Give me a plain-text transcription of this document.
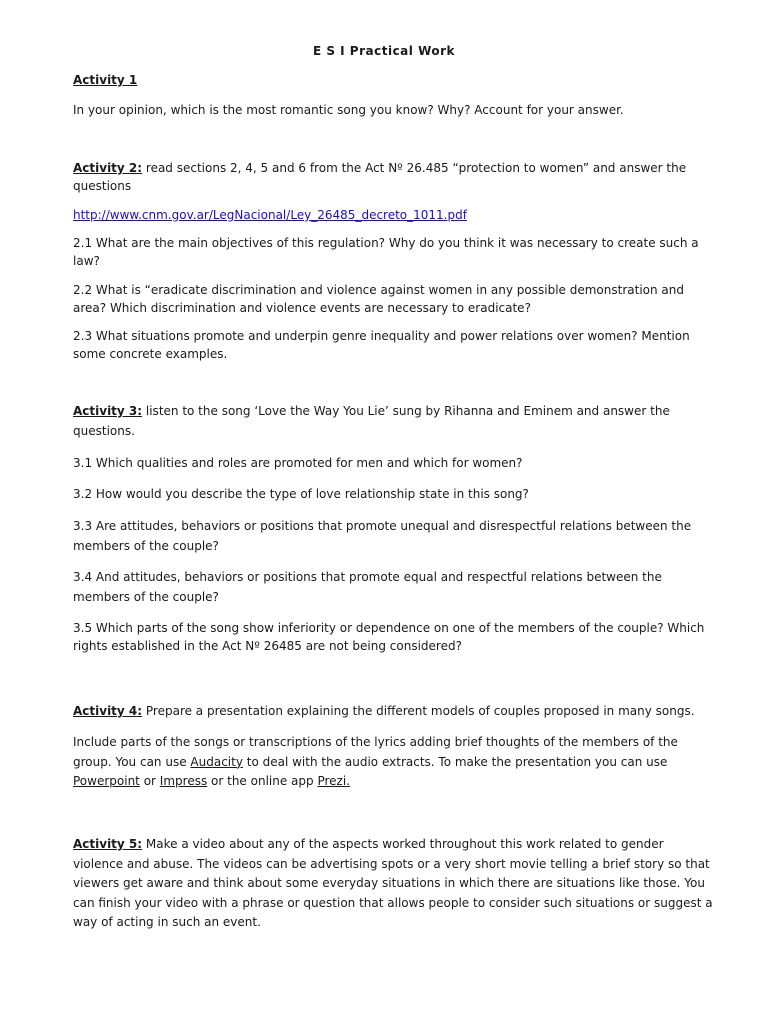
E S I Practical Work

Activity 1

In your opinion, which is the most romantic song you know? Why? Account for your answer.

Activity 2: read sections 2, 4, 5 and 6 from the Act Nº 26.485 “protection to women” and answer the questions

http://www.cnm.gov.ar/LegNacional/Ley_26485_decreto_1011.pdf

2.1 What are the main objectives of this regulation? Why do you think it was necessary to create such a law?

2.2 What is “eradicate discrimination and violence against women in any possible demonstration and area? Which discrimination and violence events are necessary to eradicate?

2.3 What situations promote and underpin genre inequality and power relations over women? Mention some concrete examples.

Activity 3: listen to the song ‘Love the Way You Lie’ sung by Rihanna and Eminem and answer the questions.

3.1 Which qualities and roles are promoted for men and which for women?

3.2 How would you describe the type of love relationship state in this song?

3.3 Are attitudes, behaviors or positions that promote unequal and disrespectful relations between the members of the couple?

3.4 And attitudes, behaviors or positions that promote equal and respectful relations between the members of the couple?

3.5 Which parts of the song show inferiority or dependence on one of the members of the couple? Which rights established in the Act Nº 26485 are not being considered?

Activity 4: Prepare a presentation explaining the different models of couples proposed in many songs.

Include parts of the songs or transcriptions of the lyrics adding brief thoughts of the members of the group. You can use Audacity to deal with the audio extracts. To make the presentation you can use Powerpoint or Impress or the online app Prezi.

Activity 5: Make a video about any of the aspects worked throughout this work related to gender violence and abuse. The videos can be advertising spots or a very short movie telling a brief story so that viewers get aware and think about some everyday situations in which there are situations like those. You can finish your video with a phrase or question that allows people to consider such situations or suggest a way of acting in such an event.
